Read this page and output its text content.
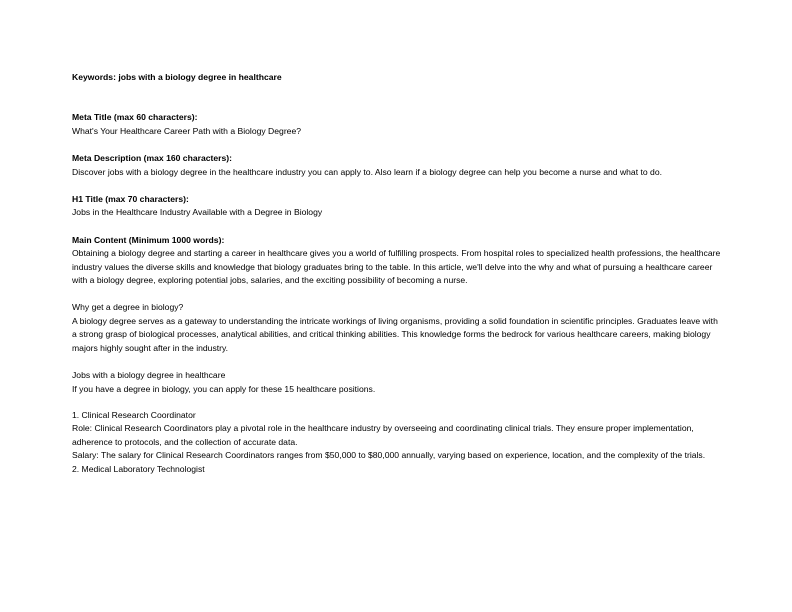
Keywords: jobs with a biology degree in healthcare

Meta Title (max 60 characters):

What's Your Healthcare Career Path with a Biology Degree?

Meta Description (max 160 characters):

Discover jobs with a biology degree in the healthcare industry you can apply to. Also learn if a biology degree can help you become a nurse and what to do.

H1 Title (max 70 characters):

Jobs in the Healthcare Industry Available with a Degree in Biology

Main Content (Minimum 1000 words):

Obtaining a biology degree and starting a career in healthcare gives you a world of fulfilling prospects. From hospital roles to specialized health professions, the healthcare industry values the diverse skills and knowledge that biology graduates bring to the table. In this article, we'll delve into the why and what of pursuing a healthcare career with a biology degree, exploring potential jobs, salaries, and the exciting possibility of becoming a nurse.

Why get a degree in biology?

A biology degree serves as a gateway to understanding the intricate workings of living organisms, providing a solid foundation in scientific principles. Graduates leave with a strong grasp of biological processes, analytical abilities, and critical thinking abilities. This knowledge forms the bedrock for various healthcare careers, making biology majors highly sought after in the industry.

Jobs with a biology degree in healthcare

If you have a degree in biology, you can apply for these 15 healthcare positions.

1. Clinical Research Coordinator

Role: Clinical Research Coordinators play a pivotal role in the healthcare industry by overseeing and coordinating clinical trials. They ensure proper implementation, adherence to protocols, and the collection of accurate data.

Salary: The salary for Clinical Research Coordinators ranges from $50,000 to $80,000 annually, varying based on experience, location, and the complexity of the trials.

2. Medical Laboratory Technologist
